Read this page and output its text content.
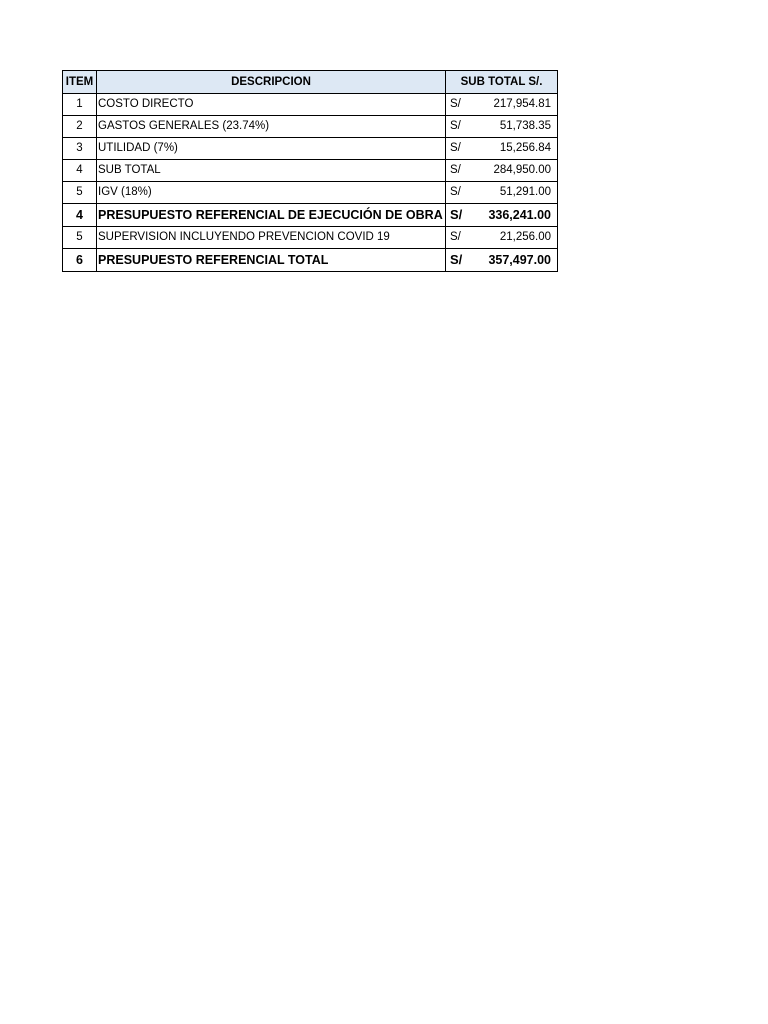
ITEM	DESCRIPCION	SUB TOTAL S/.	
1	COSTO DIRECTO	S/	217,954.81
2	GASTOS GENERALES (23.74%)	S/	51,738.35
3	UTILIDAD (7%)	S/	15,256.84
4	SUB TOTAL	S/	284,950.00
5	IGV (18%)	S/	51,291.00
4	PRESUPUESTO REFERENCIAL DE EJECUCIÓN DE OBRA	S/	336,241.00
5	SUPERVISION INCLUYENDO PREVENCION COVID 19	S/	21,256.00
6	PRESUPUESTO REFERENCIAL TOTAL	S/	357,497.00
